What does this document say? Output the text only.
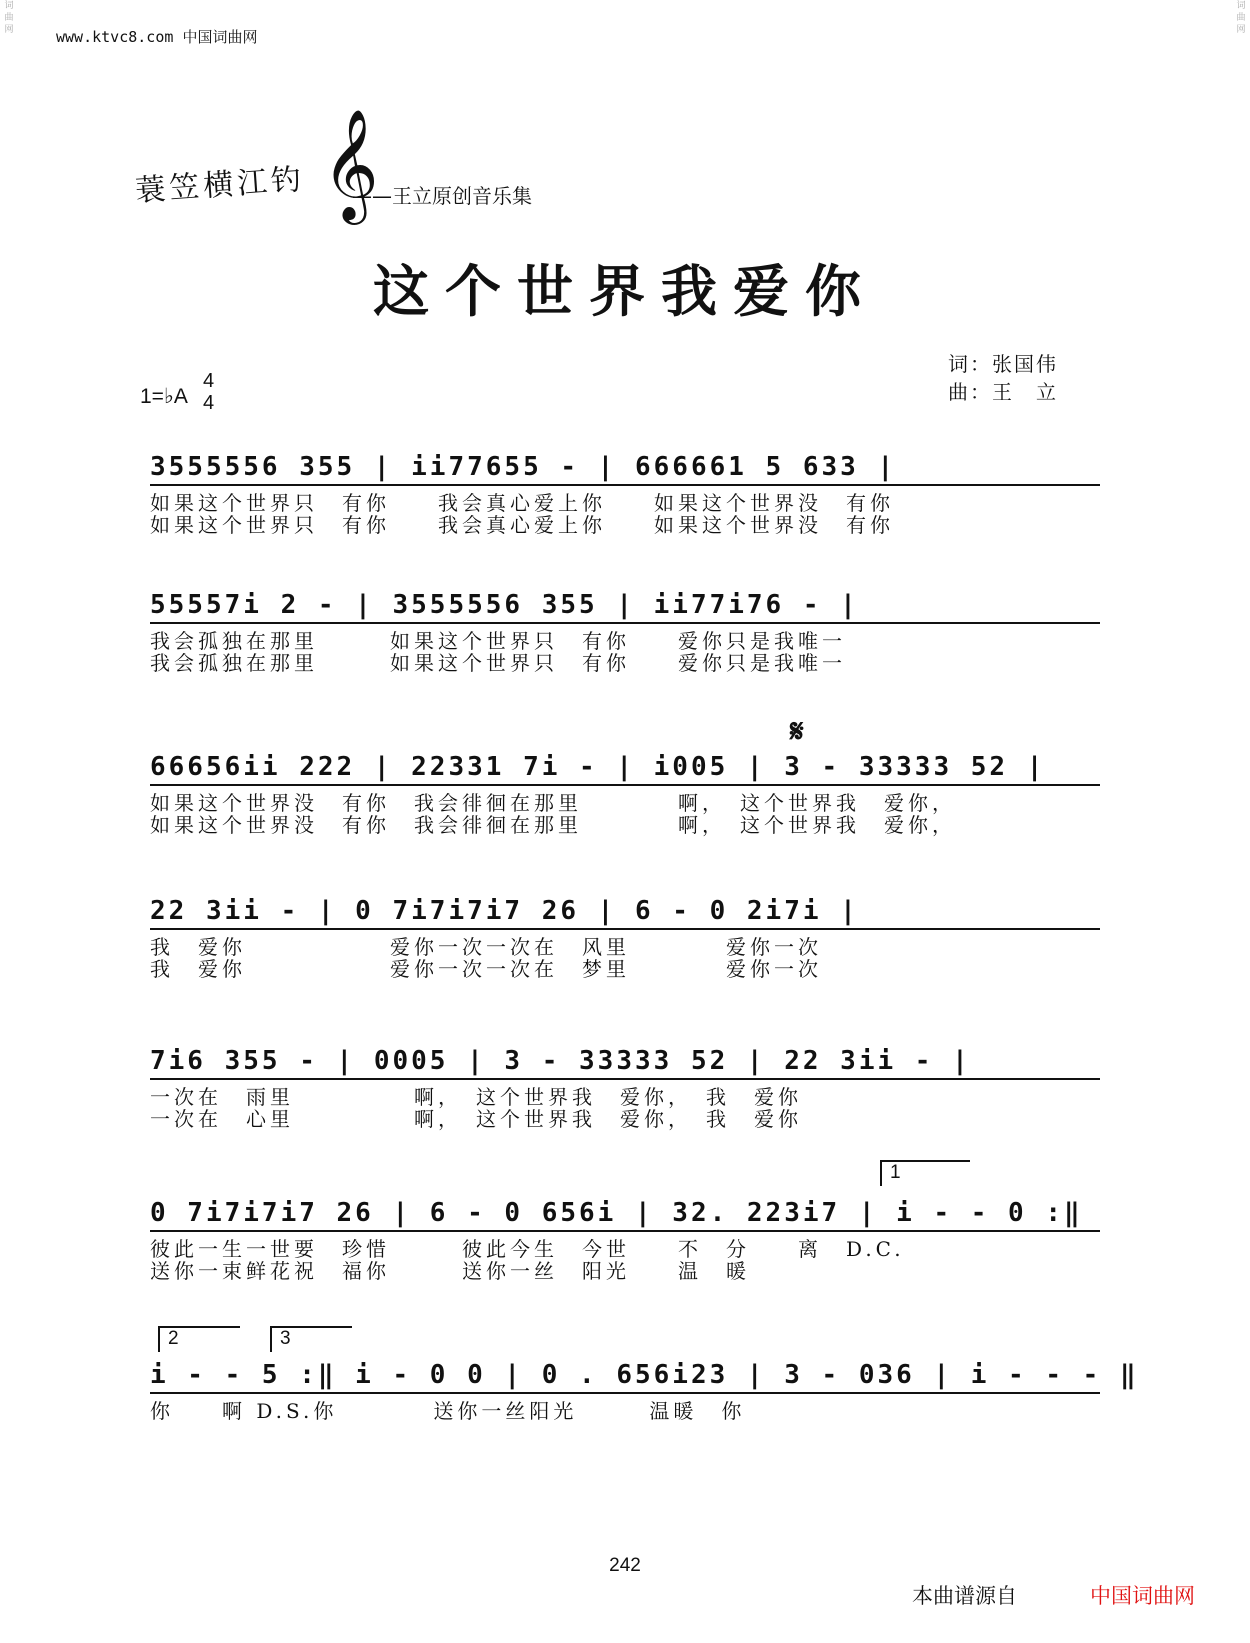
www.ktvc8.com 中国词曲网
词曲网
词曲网
蓑笠横江钓 𝄞
——王立原创音乐集
这个世界我爱你
1=♭A
4
4
词：张国伟
曲：王　立
3555556 355 | ii77655 - | 666661 5 633 |
如果这个世界只　有你　　我会真心爱上你　　如果这个世界没　有你
如果这个世界只　有你　　我会真心爱上你　　如果这个世界没　有你
55557i 2 - | 3555556 355 | ii77i76 - |
我会孤独在那里　　　如果这个世界只　有你　　爱你只是我唯一
我会孤独在那里　　　如果这个世界只　有你　　爱你只是我唯一
𝄋
66656ii 222 | 22331 7i - | i005 | 3 - 33333 52 |
如果这个世界没　有你　我会徘徊在那里　　　　啊，　这个世界我　爱你，
如果这个世界没　有你　我会徘徊在那里　　　　啊，　这个世界我　爱你，
22 3ii - | 0 7i7i7i7 26 | 6 - 0 2i7i |
我　爱你　　　　　　爱你一次一次在　风里　　　　爱你一次
我　爱你　　　　　　爱你一次一次在　梦里　　　　爱你一次
7i6 355 - | 0005 | 3 - 33333 52 | 22 3ii - |
一次在　雨里　　　　　啊，　这个世界我　爱你，　我　爱你
一次在　心里　　　　　啊，　这个世界我　爱你，　我　爱你
1
0 7i7i7i7 26 | 6 - 0 656i | 32. 223i7 | i - - 0 :‖
彼此一生一世要　珍惜　　　彼此今生　今世　　不　分　　离　D.C.
送你一束鲜花祝　福你　　　送你一丝　阳光　　温　暖
2	3
i - - 5 :‖ i - 0 0 | 0 . 656i23 | 3 - 036 | i - - - ‖
你　　啊 D.S.你　　　　送你一丝阳光　　　温暖　你
242
本曲谱源自	中国词曲网
